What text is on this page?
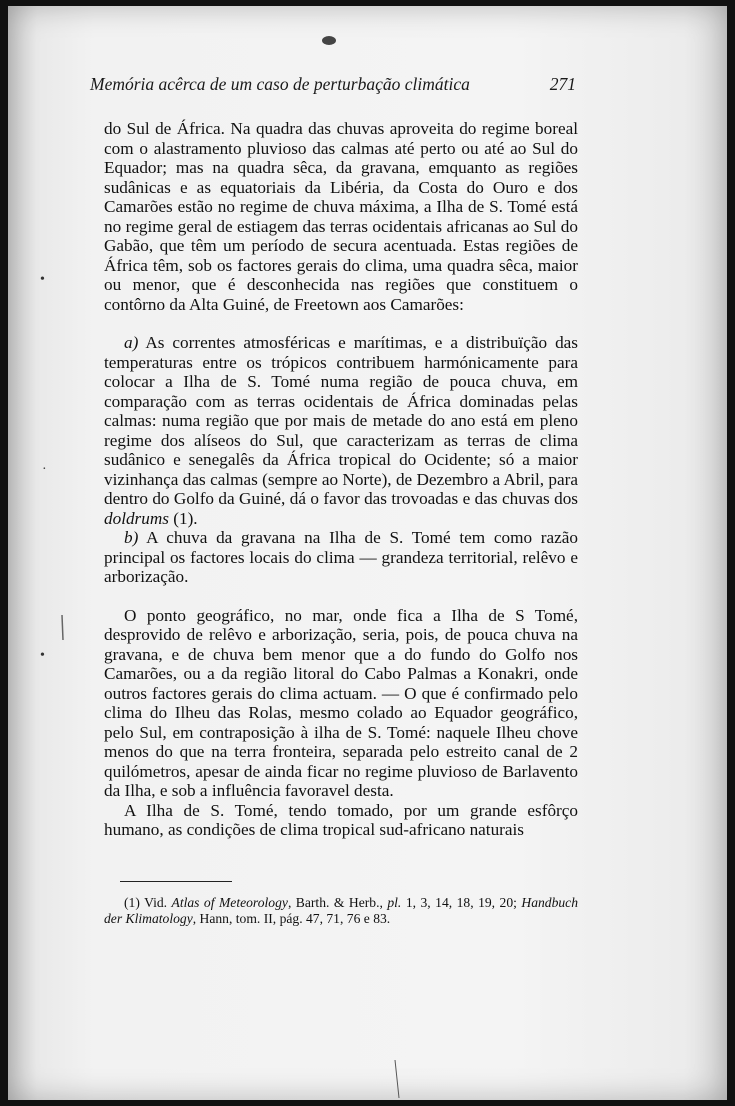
•
•
·
Memória acêrca de um caso de perturbação climática	271

do Sul de África. Na quadra das chuvas aproveita do regime boreal com o alastramento pluvioso das calmas até perto ou até ao Sul do Equador; mas na quadra sêca, da gravana, emquanto as regiões sudânicas e as equatoriais da Libéria, da Costa do Ouro e dos Camarões estão no regime de chuva máxima, a Ilha de S. Tomé está no regime geral de estiagem das terras ocidentais africanas ao Sul do Gabão, que têm um período de secura acentuada. Estas regiões de África têm, sob os factores gerais do clima, uma quadra sêca, maior ou menor, que é desconhecida nas regiões que constituem o contôrno da Alta Guiné, de Freetown aos Camarões:

a) As correntes atmosféricas e marítimas, e a distribuïção das temperaturas entre os trópicos contribuem harmónicamente para colocar a Ilha de S. Tomé numa região de pouca chuva, em comparação com as terras ocidentais de África dominadas pelas calmas: numa região que por mais de metade do ano está em pleno regime dos alíseos do Sul, que caracterizam as terras de clima sudânico e senegalês da África tropical do Ocidente; só a maior vizinhança das calmas (sempre ao Norte), de Dezembro a Abril, para dentro do Golfo da Guiné, dá o favor das trovoadas e das chuvas dos doldrums (1).

b) A chuva da gravana na Ilha de S. Tomé tem como razão principal os factores locais do clima — grandeza territorial, relêvo e arborização.

O ponto geográfico, no mar, onde fica a Ilha de S Tomé, desprovido de relêvo e arborização, seria, pois, de pouca chuva na gravana, e de chuva bem menor que a do fundo do Golfo nos Camarões, ou a da região litoral do Cabo Palmas a Konakri, onde outros factores gerais do clima actuam. — O que é confirmado pelo clima do Ilheu das Rolas, mesmo colado ao Equador geográfico, pelo Sul, em contraposição à ilha de S. Tomé: naquele Ilheu chove menos do que na terra fronteira, separada pelo estreito canal de 2 quilómetros, apesar de ainda ficar no regime pluvioso de Barlavento da Ilha, e sob a influência favoravel desta.

A Ilha de S. Tomé, tendo tomado, por um grande esfôrço humano, as condições de clima tropical sud-africano naturais

(1) Vid. Atlas of Meteorology, Barth. & Herb., pl. 1, 3, 14, 18, 19, 20; Handbuch der Klimatology, Hann, tom. II, pág. 47, 71, 76 e 83.
